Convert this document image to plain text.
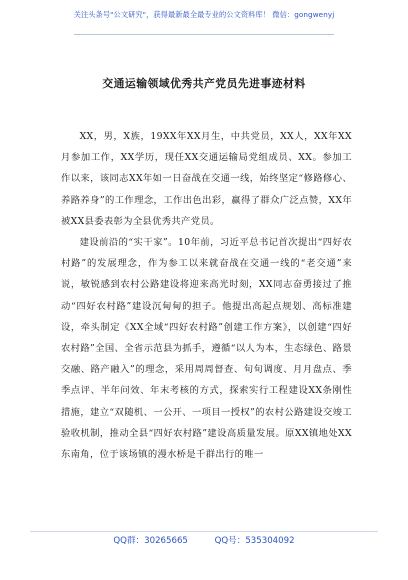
关注头条号"公文研究"，获得最新最全最专业的公文资料库！ 微信：gongwenyj
交通运输领域优秀共产党员先进事迹材料

XX，男，X族，19XX年XX月生，中共党员，XX人，XX年XX月参加工作，XX学历，现任XX交通运输局党组成员、XX。参加工作以来，该同志XX年如一日奋战在交通一线，始终坚定“修路修心、养路养身”的工作理念，工作出色出彩，赢得了群众广泛点赞，XX年被XX县委表彰为全县优秀共产党员。

建设前沿的“实干家”。10年前，习近平总书记首次提出“四好农村路”的发展理念，作为参工以来就奋战在交通一线的“老交通”来说，敏锐感到农村公路建设将迎来高光时刻，XX同志奋勇接过了推动“四好农村路”建设沉甸甸的担子。他提出高起点规划、高标准建设，牵头制定《XX全域“四好农村路”创建工作方案》，以创建“四好农村路”全国、全省示范县为抓手，遵循“以人为本，生态绿色、路景交融、路产融入”的理念，采用周周督查、旬旬调度、月月盘点、季季点评、半年问效、年末考核的方式，探索实行工程建设XX条刚性措施，建立“双随机、一公开、一项目一授权”的农村公路建设交竣工验收机制，推动全县“四好农村路”建设高质量发展。原XX镇地处XX东南角，位于该场镇的漫水桥是千群出行的唯一

QQ群：30265665	QQ号：535304092
